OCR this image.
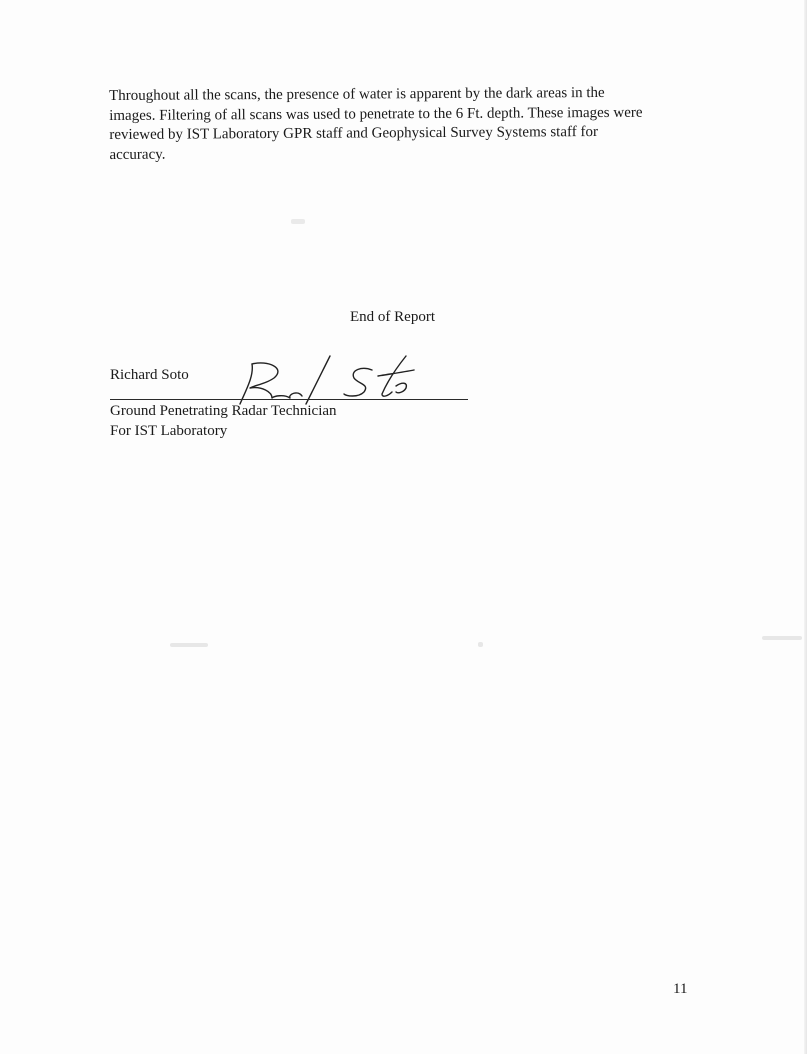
Throughout all the scans, the presence of water is apparent by the dark areas in the
images. Filtering of all scans was used to penetrate to the 6 Ft. depth. These images were
reviewed by IST Laboratory GPR staff and Geophysical Survey Systems staff for
accuracy.

End of Report
Richard Soto
Ground Penetrating Radar Technician
For IST Laboratory
11
